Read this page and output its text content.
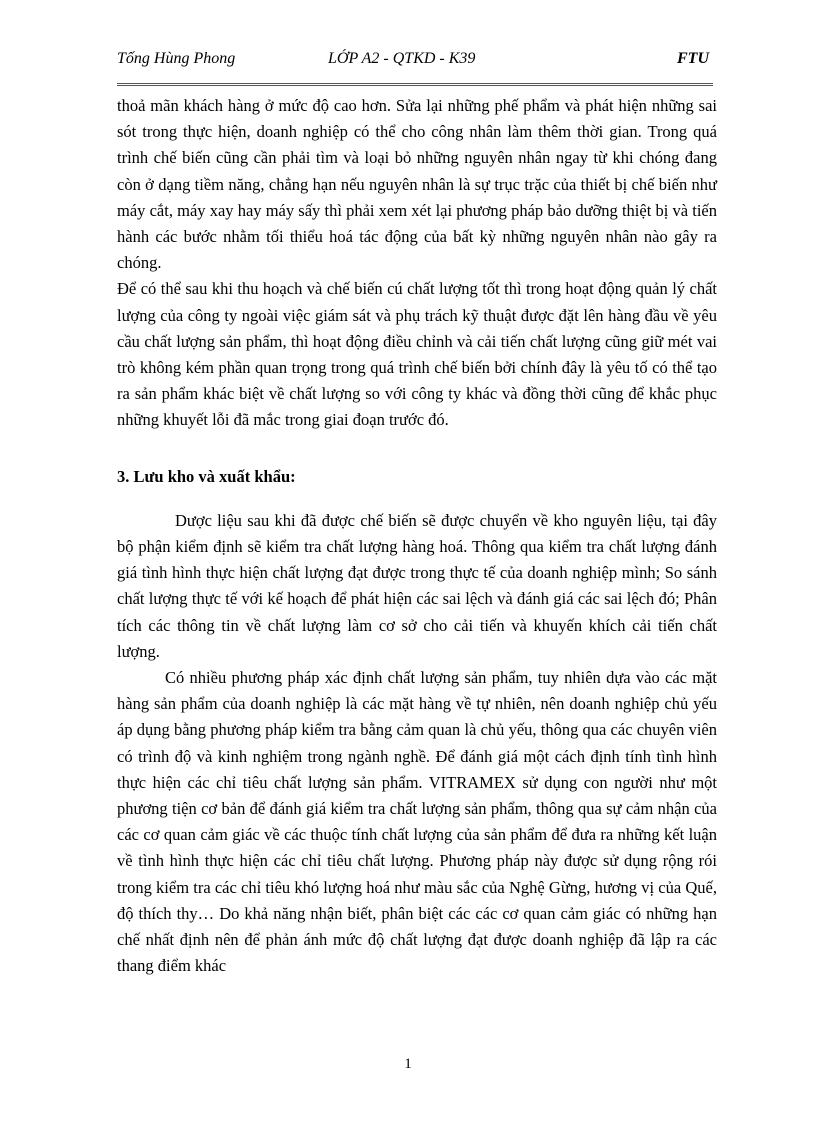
Tống Hùng Phong	LỚP A2 - QTKD - K39	FTU

thoả mãn khách hàng ở mức độ cao hơn. Sửa lại những phế phẩm và phát hiện những sai sót trong thực hiện, doanh nghiệp có thể cho công nhân làm thêm thời gian. Trong quá trình chế biến cũng cần phải tìm và loại bỏ những nguyên nhân ngay từ khi chóng đang còn ở dạng tiềm năng, chẳng hạn nếu nguyên nhân là sự trục trặc của thiết bị chế biến như máy cắt, máy xay hay máy sấy thì phải xem xét lại phương pháp bảo dưỡng thiệt bị và tiến hành các bước nhằm tối thiểu hoá tác động của bất kỳ những nguyên nhân nào gây ra chóng.

Để có thể sau khi thu hoạch và chế biến cú chất lượng tốt thì trong hoạt động quản lý chất lượng của công ty ngoài việc giám sát và phụ trách kỹ thuật được đặt lên hàng đầu về yêu cầu chất lượng sản phẩm, thì hoạt động điều chỉnh và cải tiến chất lượng cũng giữ mét vai trò không kém phần quan trọng trong quá trình chế biến bởi chính đây là yêu tố có thể tạo ra sản phẩm khác biệt về chất lượng so với công ty khác và đồng thời cũng để khắc phục những khuyết lỗi đã mắc trong giai đoạn trước đó.

3. Lưu kho và xuất khẩu:

Dược liệu sau khi đã được chế biến sẽ được chuyển về kho nguyên liệu, tại đây bộ phận kiểm định sẽ kiểm tra chất lượng hàng hoá. Thông qua kiểm tra chất lượng đánh giá tình hình thực hiện chất lượng đạt được trong thực tế của doanh nghiệp mình; So sánh chất lượng thực tế với kế hoạch để phát hiện các sai lệch và đánh giá các sai lệch đó; Phân tích các thông tin về chất lượng làm cơ sở cho cải tiến và khuyến khích cải tiến chất lượng.

Có nhiều phương pháp xác định chất lượng sản phẩm, tuy nhiên dựa vào các mặt hàng sản phẩm của doanh nghiệp là các mặt hàng về tự nhiên, nên doanh nghiệp chủ yếu áp dụng bằng phương pháp kiểm tra bằng cảm quan là chủ yếu, thông qua các chuyên viên có trình độ và kinh nghiệm trong ngành nghề. Để đánh giá một cách định tính tình hình thực hiện các chỉ tiêu chất lượng sản phẩm. VITRAMEX sử dụng con người như một phương tiện cơ bản để đánh giá kiểm tra chất lượng sản phẩm, thông qua sự cảm nhận của các cơ quan cảm giác về các thuộc tính chất lượng của sản phẩm để đưa ra những kết luận về tình hình thực hiện các chỉ tiêu chất lượng. Phương pháp này được sử dụng rộng rói trong kiểm tra các chỉ tiêu khó lượng hoá như màu sắc của Nghệ Gừng, hương vị của Quế, độ thích thy… Do khả năng nhận biết, phân biệt các các cơ quan cảm giác có những hạn chế nhất định nên để phản ánh mức độ chất lượng đạt được doanh nghiệp đã lập ra các thang điểm khác

1
